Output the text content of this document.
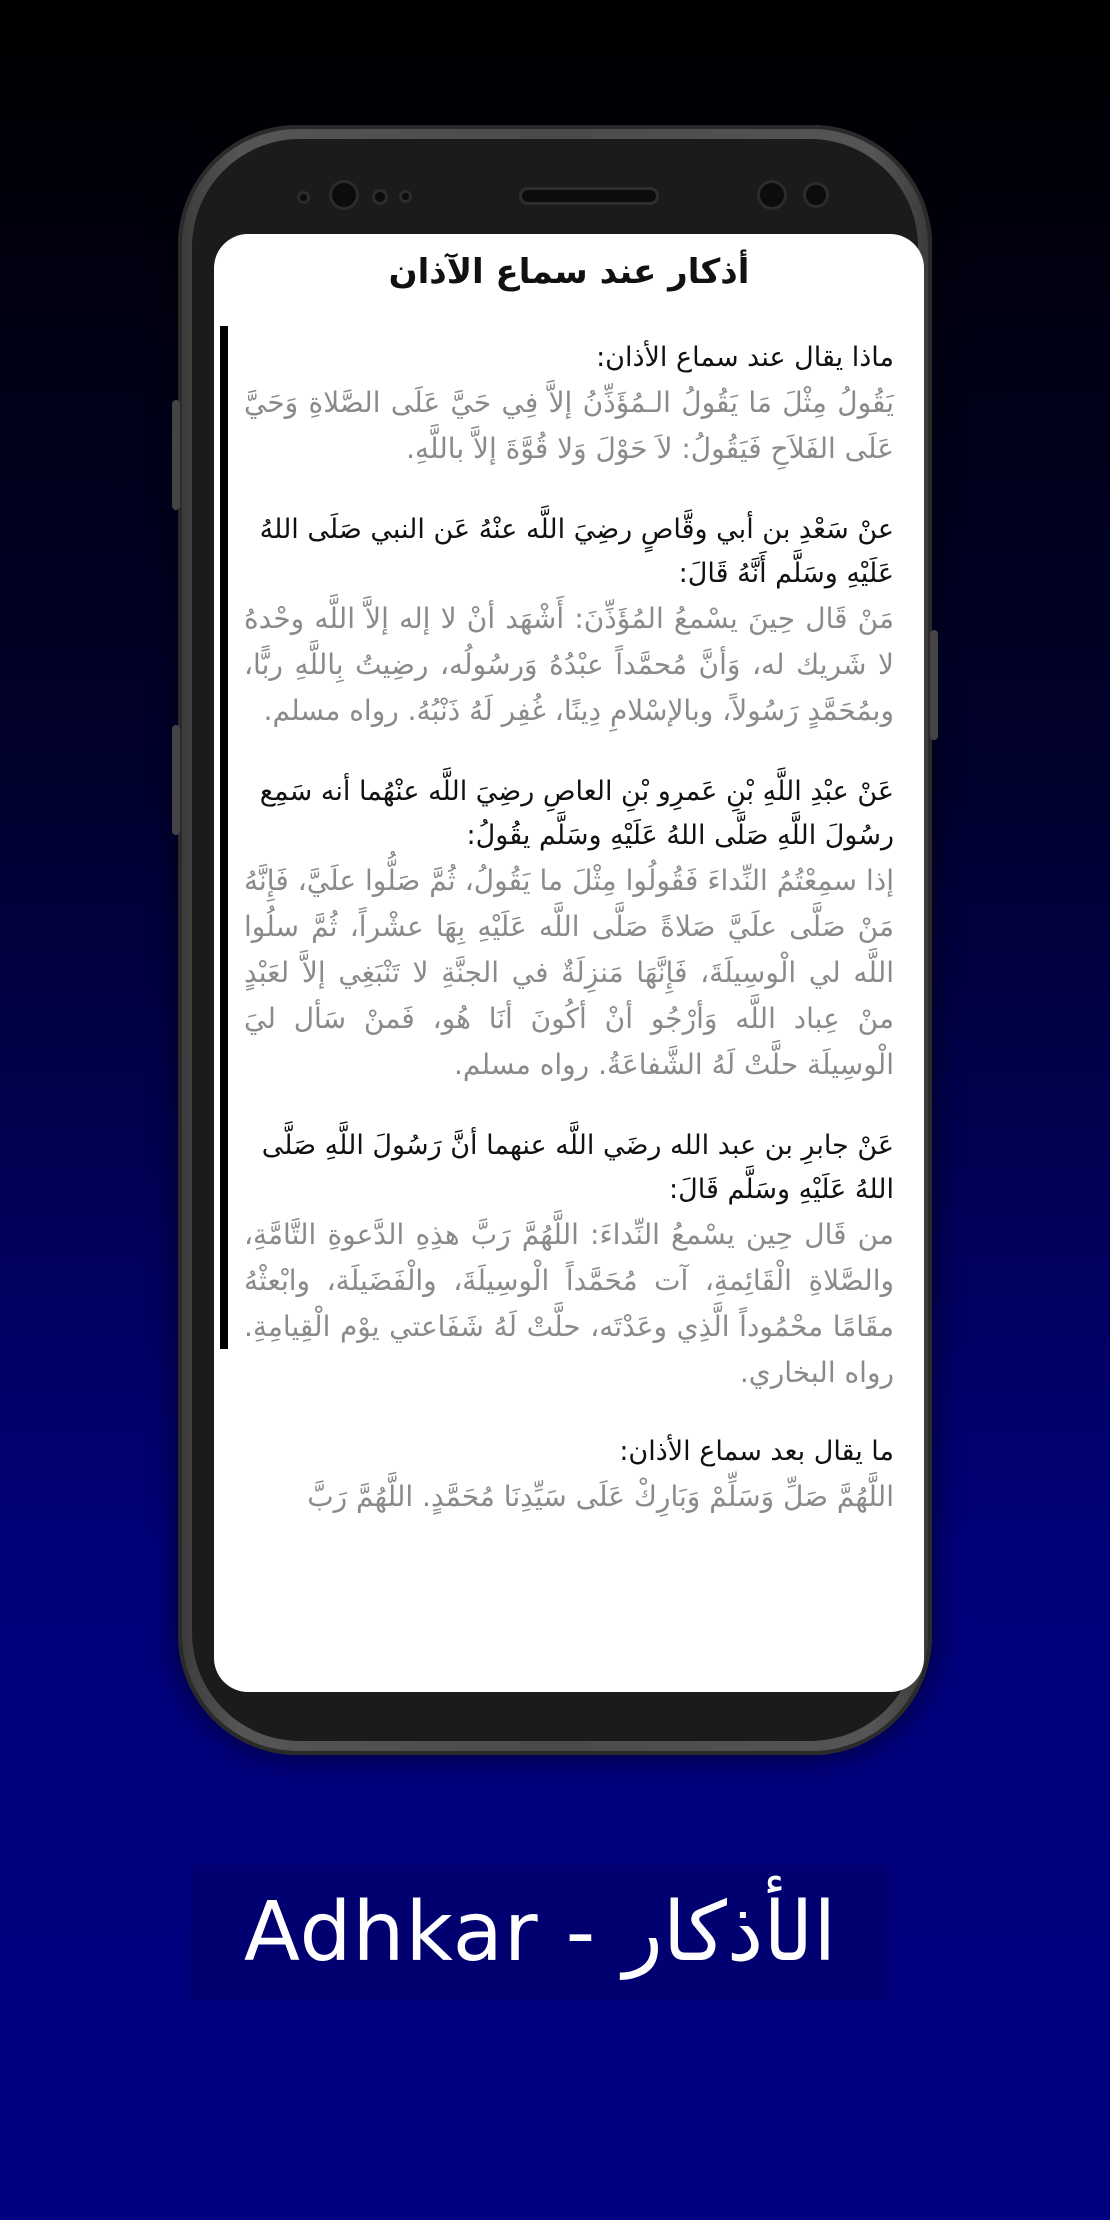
أذكار عند سماع الآذان

ماذا يقال عند سماع الأذان:

يَقُولُ مِثْلَ مَا يَقُولُ الـمُؤَذِّنُ إلاَّ فِي حَيَّ عَلَى الصَّلاةِ وَحَيَّ عَلَى الفَلاَحِ فَيَقُولُ: لاَ حَوْلَ وَلا قُوَّةَ إلاَّ باللَّهِ.

عنْ سَعْدِ بن أبي وقَّاصٍ رضِيَ اللَّه عنْهُ عَن النبي صَلَى اللهُ عَلَيْهِ وسَلَّم أَنَّهُ قَالَ:

مَنْ قَال حِينَ يسْمعُ المُؤَذِّنَ: أَشْهَد أنْ لا إله إلاَّ اللَّه وحْدهُ لا شَريك له، وَأنَّ مُحمَّداً عبْدُهُ وَرسُولُه، رضِيتُ بِاللَّهِ ربًّا، وبمُحَمَّدٍ رَسُولاً، وبالإسْلامِ دِينًا، غُفِر لَهُ ذَنْبُهُ. رواه مسلم.

عَنْ عبْدِ اللَّهِ بْنِ عَمرِو بْنِ العاصِ رضِيَ اللَّه عنْهُما أنه سَمِع رسُولَ اللَّهِ صَلَّى اللهُ عَلَيْهِ وسَلَّم يقُولُ:

إذا سمِعْتُمُ النِّداءَ فَقُولُوا مِثْلَ ما يَقُولُ، ثُمَّ صَلُّوا علَيَّ، فَإِنَّهُ مَنْ صَلَّى علَيَّ صَلاةً صَلَّى اللَّه عَلَيْهِ بِهَا عشْراً، ثُمَّ سلُوا اللَّه لي الْوسِيلَةَ، فَإِنَّهَا مَنزِلَةٌ في الجنَّةِ لا تَنْبَغِي إلاَّ لعَبْدٍ منْ عِباد اللَّه وَأرْجُو أنْ أكُونَ أنَا هُو، فَمنْ سَأل ليَ الْوسِيلَة حلَّتْ لَهُ الشَّفاعَةُ. رواه مسلم.

عَنْ جابرِ بن عبد الله رضَي اللَّه عنهما أنَّ رَسُولَ اللَّهِ صَلَّى اللهُ عَلَيْهِ وسَلَّم قَالَ:

من قَال حِين يسْمعُ النِّداءَ: اللَّهُمَّ رَبَّ هذِهِ الدَّعوةِ التَّامَّةِ، والصَّلاةِ الْقَائِمةِ، آت مُحَمَّداً الْوسِيلَةَ، والْفَضَيلَة، وابْعثْهُ مقَامًا محْمُوداً الَّذِي وعَدْتَه، حلَّتْ لَهُ شَفَاعتي يوْم الْقِيامِةِ. رواه البخاري.

ما يقال بعد سماع الأذان:

اللَّهُمَّ صَلِّ وَسَلِّمْ وَبَارِكْ عَلَى سَيِّدِنَا مُحَمَّدٍ. اللَّهُمَّ رَبَّ

Adhkar - الأذكار
